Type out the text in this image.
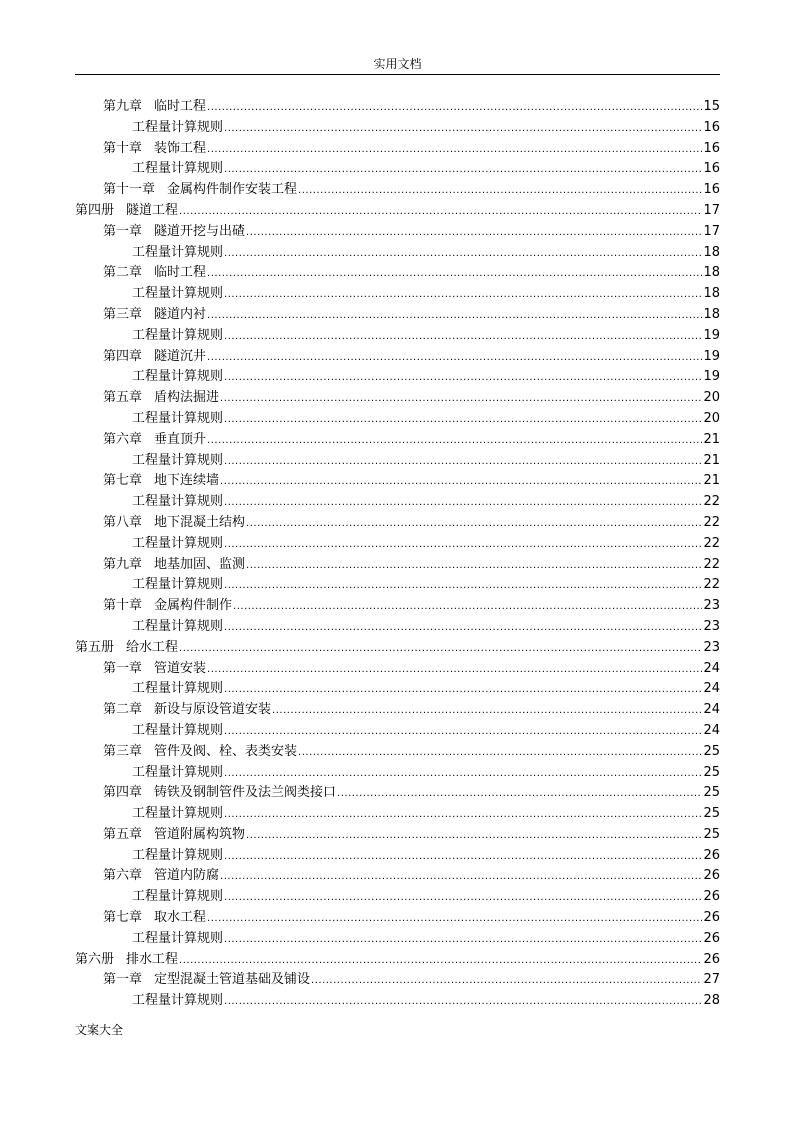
实用文档
第九章 临时工程 .....	15
工程量计算规则 .....	16
第十章 装饰工程 .....	16
工程量计算规则 .....	16
第十一章 金属构件制作安装工程 .....	16
第四册 隧道工程 .....	17
第一章 隧道开挖与出碴 .....	17
工程量计算规则 .....	18
第二章 临时工程 .....	18
工程量计算规则 .....	18
第三章 隧道内衬 .....	18
工程量计算规则 .....	19
第四章 隧道沉井 .....	19
工程量计算规则 .....	19
第五章 盾构法掘进 .....	20
工程量计算规则 .....	20
第六章 垂直顶升 .....	21
工程量计算规则 .....	21
第七章 地下连续墙 .....	21
工程量计算规则 .....	22
第八章 地下混凝土结构 .....	22
工程量计算规则 .....	22
第九章 地基加固、监测 .....	22
工程量计算规则 .....	22
第十章 金属构件制作 .....	23
工程量计算规则 .....	23
第五册 给水工程 .....	23
第一章 管道安装 .....	24
工程量计算规则 .....	24
第二章 新设与原设管道安装 .....	24
工程量计算规则 .....	24
第三章 管件及阀、栓、表类安装 .....	25
工程量计算规则 .....	25
第四章 铸铁及钢制管件及法兰阀类接口 .....	25
工程量计算规则 .....	25
第五章 管道附属构筑物 .....	25
工程量计算规则 .....	26
第六章 管道内防腐 .....	26
工程量计算规则 .....	26
第七章 取水工程 .....	26
工程量计算规则 .....	26
第六册 排水工程 .....	26
第一章 定型混凝土管道基础及铺设 .....	27
工程量计算规则 .....	28
文案大全
